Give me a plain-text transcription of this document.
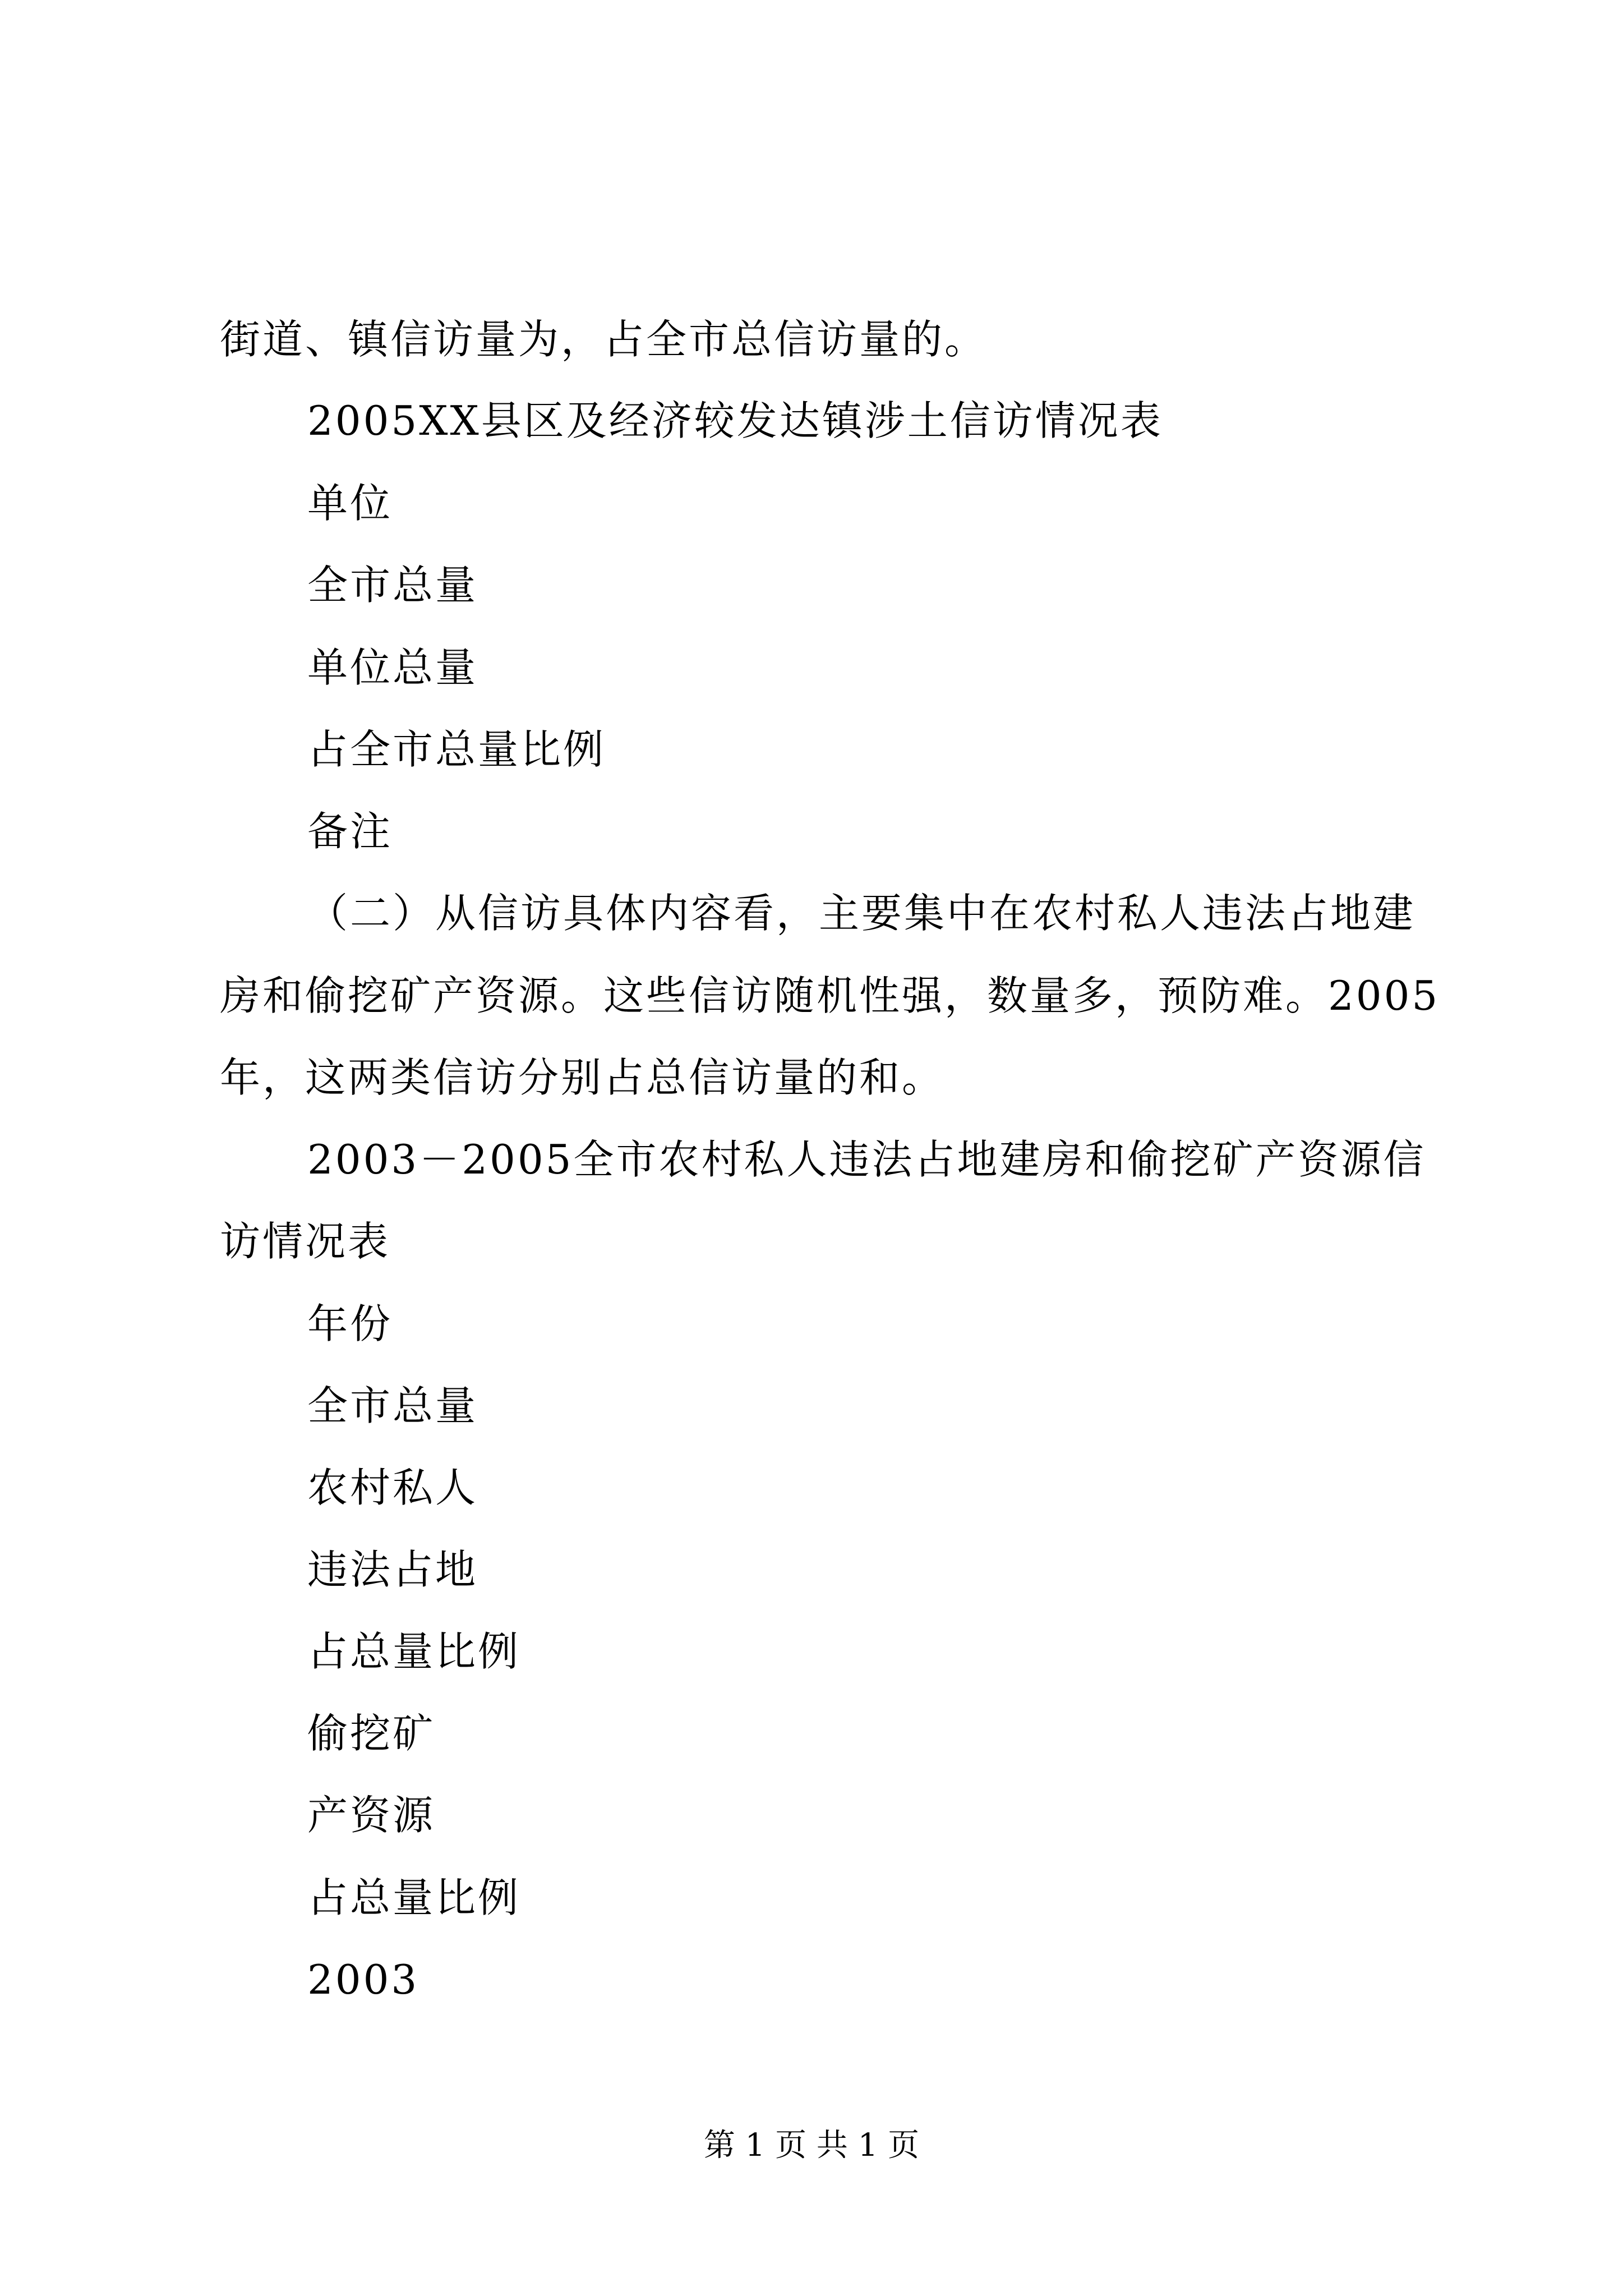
街道、镇信访量为，占全市总信访量的。
2005XX县区及经济较发达镇涉土信访情况表
单位
全市总量
单位总量
占全市总量比例
备注
（二）从信访具体内容看，主要集中在农村私人违法占地建
房和偷挖矿产资源。这些信访随机性强，数量多，预防难。2005
年，这两类信访分别占总信访量的和。
2003－2005全市农村私人违法占地建房和偷挖矿产资源信
访情况表
年份
全市总量
农村私人
违法占地
占总量比例
偷挖矿
产资源
占总量比例
2003
第 1 页 共 1 页
